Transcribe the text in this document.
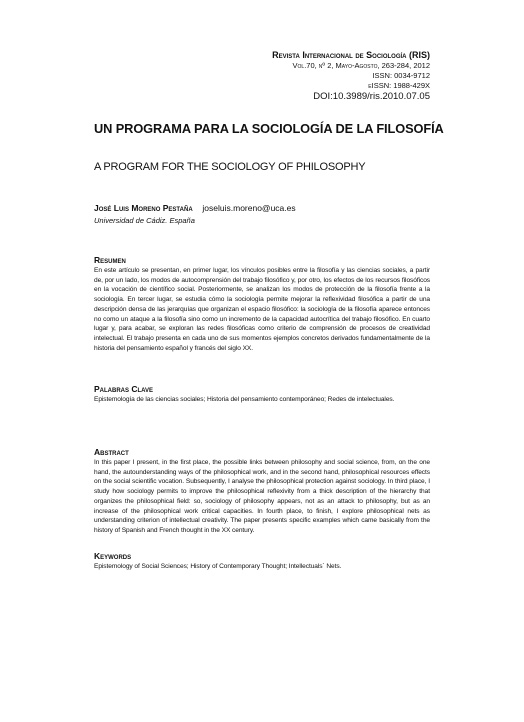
Revista Internacional de Sociología (RIS)
Vol.70, nº 2, Mayo-Agosto, 263-284, 2012
ISSN: 0034-9712
eISSN: 1988-429X
DOI:10.3989/ris.2010.07.05
UN PROGRAMA PARA LA SOCIOLOGÍA DE LA FILOSOFÍA
A PROGRAM FOR THE SOCIOLOGY OF PHILOSOPHY
José Luis Moreno Pestaña joseluis.moreno@uca.es
Universidad de Cádiz. España
Resumen
En este artículo se presentan, en primer lugar, los vínculos posibles entre la filosofía y las ciencias sociales, a partir de, por un lado, los modos de autocomprensión del trabajo filosófico y, por otro, los efectos de los recursos filosóficos en la vocación de científico social. Posteriormente, se analizan los modos de protección de la filosofía frente a la sociología. En tercer lugar, se estudia cómo la sociología permite mejorar la reflexividad filosófica a partir de una descripción densa de las jerarquías que organizan el espacio filosófico: la sociología de la filosofía aparece entonces no como un ataque a la filosofía sino como un incremento de la capacidad autocrítica del trabajo filosófico. En cuarto lugar y, para acabar, se exploran las redes filosóficas como criterio de comprensión de procesos de creatividad intelectual. El trabajo presenta en cada uno de sus momentos ejemplos concretos derivados fundamentalmente de la historia del pensamiento español y francés del siglo XX.
Palabras Clave
Epistemología de las ciencias sociales; Historia del pensamiento contemporáneo; Redes de intelectuales.
Abstract
In this paper I present, in the first place, the possible links between philosophy and social science, from, on the one hand, the autounderstanding ways of the philosophical work, and in the second hand, philosophical resources effects on the social scientific vocation. Subsequently, I analyse the philosophical protection against sociology. In third place, I study how sociology permits to improve the philosophical reflexivity from a thick description of the hierarchy that organizes the philosophical field: so, sociology of philosophy appears, not as an attack to philosophy, but as an increase of the philosophical work critical capacities. In fourth place, to finish, I explore philosophical nets as understanding criterion of intellectual creativity. The paper presents specific examples which came basically from the history of Spanish and French thought in the XX century.
Keywords
Epistemology of Social Sciences; History of Contemporary Thought; Intellectuals´ Nets.
